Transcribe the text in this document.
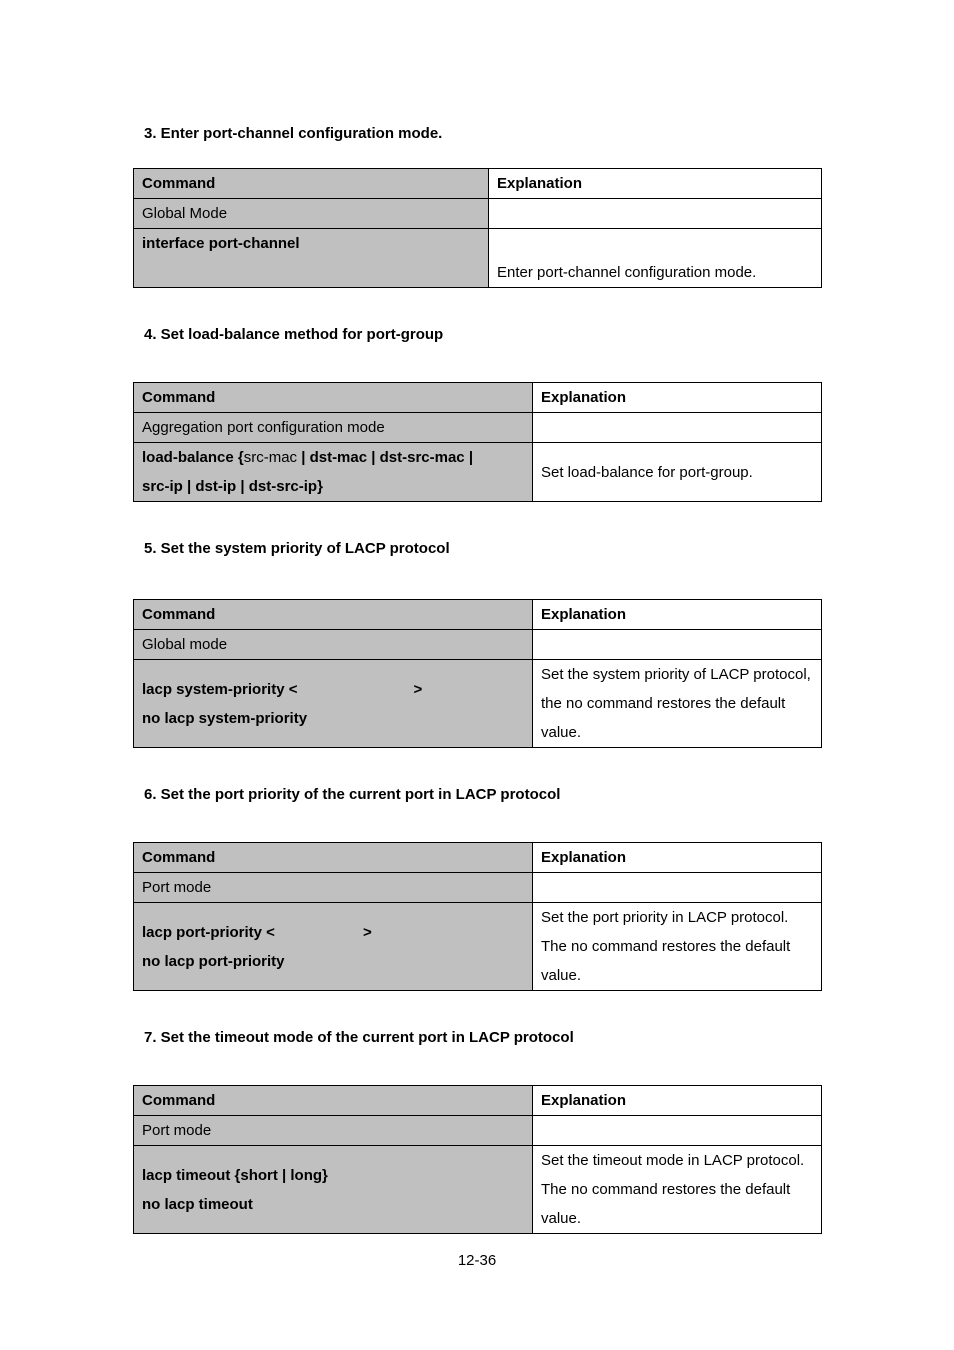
3. Enter port-channel configuration mode.
Command	Explanation
Global Mode	

interface port-channel	Enter port-channel configuration mode.
4. Set load-balance method for port-group
Command	Explanation
Aggregation port configuration mode	

load-balance {src-mac | dst-mac | dst-src-mac |
src-ip | dst-ip | dst-src-ip}	Set load-balance for port-group.
5. Set the system priority of LACP protocol
Command	Explanation
Global mode	

lacp system-priority < >
no lacp system-priority	Set the system priority of LACP protocol, the no command restores the default value.
6. Set the port priority of the current port in LACP protocol
Command	Explanation
Port mode	

lacp port-priority < >
no lacp port-priority	Set the port priority in LACP protocol. The no command restores the default value.
7. Set the timeout mode of the current port in LACP protocol
Command	Explanation
Port mode	

lacp timeout {short | long}
no lacp timeout	Set the timeout mode in LACP protocol. The no command restores the default value.
12-36
